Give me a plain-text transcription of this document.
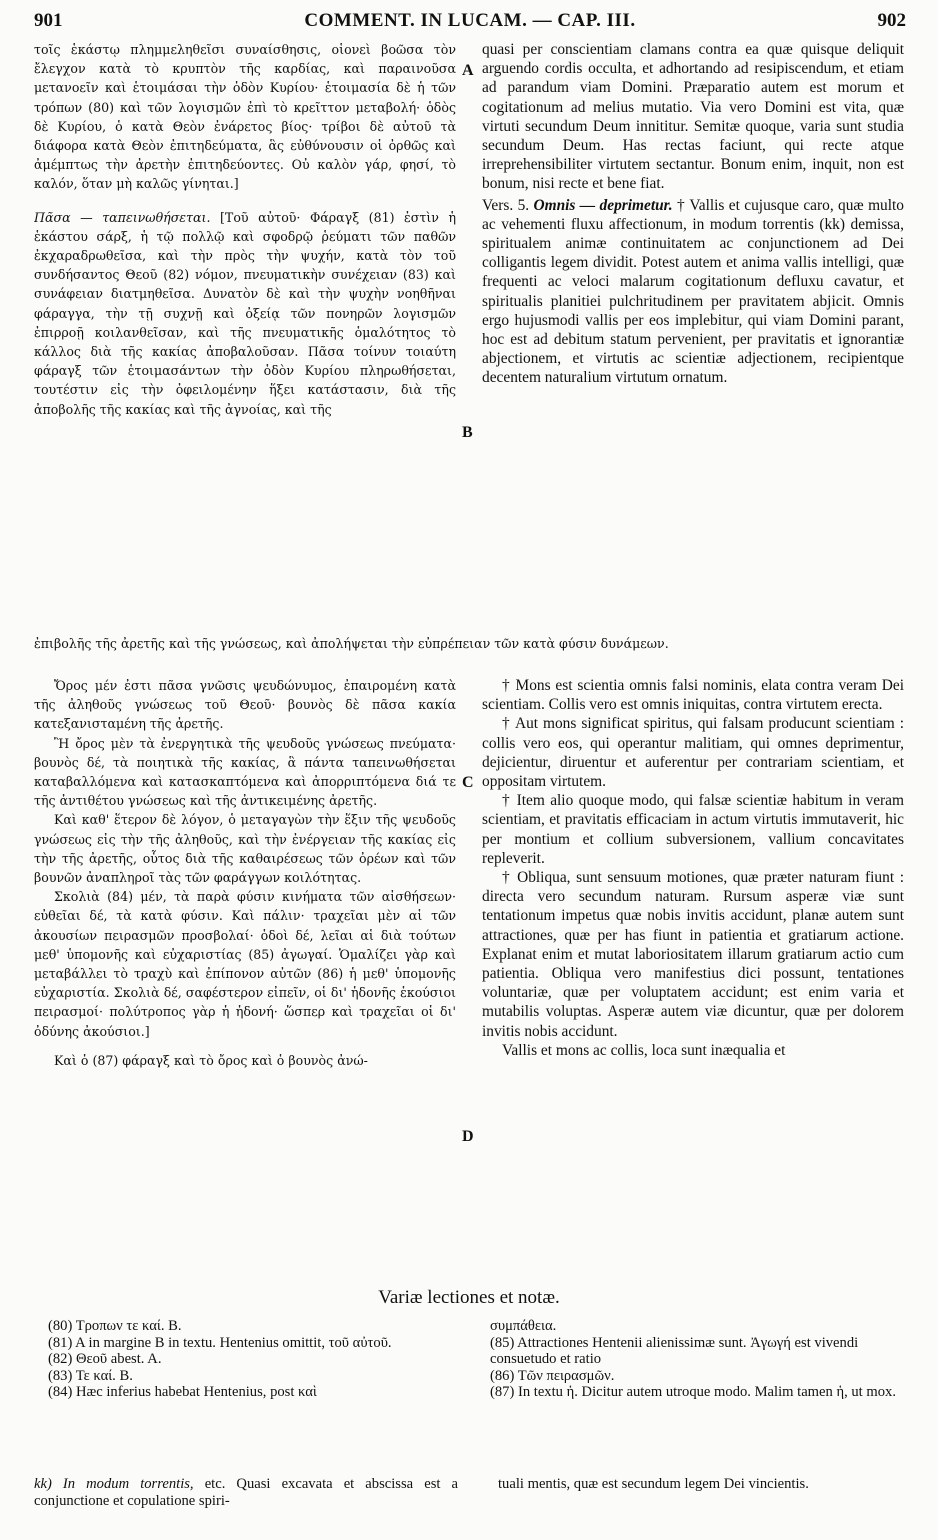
901	COMMENT. IN LUCAM. — CAP. III.	902

τοῖς ἑκάστῳ πλημμεληθεῖσι συναίσθησις, οἱονεὶ βοῶσα τὸν ἔλεγχον κατὰ τὸ κρυπτὸν τῆς καρδίας, καὶ παραινοῦσα μετανοεῖν καὶ ἑτοιμάσαι τὴν ὁδὸν Κυρίου· ἑτοιμασία δὲ ἡ τῶν τρόπων (80) καὶ τῶν λογισμῶν ἐπὶ τὸ κρεῖττον μεταβολή· ὁδὸς δὲ Κυρίου, ὁ κατὰ Θεὸν ἐνάρετος βίος· τρίβοι δὲ αὐτοῦ τὰ διάφορα κατὰ Θεὸν ἐπιτηδεύματα, ἃς εὐθύνουσιν οἱ ὀρθῶς καὶ ἀμέμπτως τὴν ἀρετὴν ἐπιτηδεύοντες. Οὐ καλὸν γάρ, φησί, τὸ καλόν, ὅταν μὴ καλῶς γίνηται.]

Πᾶσα — ταπεινωθήσεται. [Τοῦ αὐτοῦ· Φάραγξ (81) ἐστὶν ἡ ἑκάστου σάρξ, ἡ τῷ πολλῷ καὶ σφοδρῷ ῥεύματι τῶν παθῶν ἐκχαραδρωθεῖσα, καὶ τὴν πρὸς τὴν ψυχήν, κατὰ τὸν τοῦ συνδήσαντος Θεοῦ (82) νόμον, πνευματικὴν συνέχειαν (83) καὶ συνάφειαν διατμηθεῖσα. Δυνατὸν δὲ καὶ τὴν ψυχὴν νοηθῆναι φάραγγα, τὴν τῇ συχνῇ καὶ ὀξείᾳ τῶν πονηρῶν λογισμῶν ἐπιρροῇ κοιλανθεῖσαν, καὶ τῆς πνευματικῆς ὁμαλότητος τὸ κάλλος διὰ τῆς κακίας ἀποβαλοῦσαν. Πᾶσα τοίνυν τοιαύτη φάραγξ τῶν ἑτοιμασάντων τὴν ὁδὸν Κυρίου πληρωθήσεται, τουτέστιν εἰς τὴν ὀφειλομένην ἥξει κατάστασιν, διὰ τῆς ἀποβολῆς τῆς κακίας καὶ τῆς ἀγνοίας, καὶ τῆς

quasi per conscientiam clamans contra ea quæ quisque deliquit arguendo cordis occulta, et adhortando ad resipiscendum, et etiam ad parandum viam Domini. Præparatio autem est morum et cogitationum ad melius mutatio. Via vero Domini est vita, quæ virtuti secundum Deum innititur. Semitæ quoque, varia sunt studia secundum Deum. Has rectas faciunt, qui recte atque irreprehensibiliter virtutem sectantur. Bonum enim, inquit, non est bonum, nisi recte et bene fiat.

Vers. 5. Omnis — deprimetur. † Vallis et cujusque caro, quæ multo ac vehementi fluxu affectionum, in modum torrentis (kk) demissa, spiritualem animæ continuitatem ac conjunctionem ad Dei colligantis legem dividit. Potest autem et anima vallis intelligi, quæ frequenti ac veloci malarum cogitationum defluxu cavatur, et spiritualis planitiei pulchritudinem per pravitatem abjicit. Omnis ergo hujusmodi vallis per eos implebitur, qui viam Domini parant, hoc est ad debitum statum pervenient, per pravitatis et ignorantiæ abjectionem, et virtutis ac scientiæ adjectionem, recipientque decentem naturalium virtutum ornatum.

ἐπιβολῆς τῆς ἀρετῆς καὶ τῆς γνώσεως, καὶ ἀπολήψεται τὴν εὐπρέπειαν τῶν κατὰ φύσιν δυνάμεων.

Ὄρος μέν ἐστι πᾶσα γνῶσις ψευδώνυμος, ἐπαιρομένη κατὰ τῆς ἀληθοῦς γνώσεως τοῦ Θεοῦ· βουνὸς δὲ πᾶσα κακία κατεξανισταμένη τῆς ἀρετῆς.

Ἢ ὄρος μὲν τὰ ἐνεργητικὰ τῆς ψευδοῦς γνώσεως πνεύματα· βουνὸς δέ, τὰ ποιητικὰ τῆς κακίας, ἃ πάντα ταπεινωθήσεται καταβαλλόμενα καὶ κατασκαπτόμενα καὶ ἀπορριπτόμενα διά τε τῆς ἀντιθέτου γνώσεως καὶ τῆς ἀντικειμένης ἀρετῆς.

Καὶ καθ' ἕτερον δὲ λόγον, ὁ μεταγαγὼν τὴν ἕξιν τῆς ψευδοῦς γνώσεως εἰς τὴν τῆς ἀληθοῦς, καὶ τὴν ἐνέργειαν τῆς κακίας εἰς τὴν τῆς ἀρετῆς, οὗτος διὰ τῆς καθαιρέσεως τῶν ὀρέων καὶ τῶν βουνῶν ἀναπληροῖ τὰς τῶν φαράγγων κοιλότητας.

Σκολιὰ (84) μέν, τὰ παρὰ φύσιν κινήματα τῶν αἰσθήσεων· εὐθεῖαι δέ, τὰ κατὰ φύσιν. Καὶ πάλιν· τραχεῖαι μὲν αἱ τῶν ἀκουσίων πειρασμῶν προσβολαί· ὁδοὶ δέ, λεῖαι αἱ διὰ τούτων μεθ' ὑπομονῆς καὶ εὐχαριστίας (85) ἀγωγαί. Ὁμαλίζει γὰρ καὶ μεταβάλλει τὸ τραχὺ καὶ ἐπίπονον αὐτῶν (86) ἡ μεθ' ὑπομονῆς εὐχαριστία. Σκολιὰ δέ, σαφέστερον εἰπεῖν, οἱ δι' ἡδονῆς ἑκούσιοι πειρασμοί· πολύτροπος γὰρ ἡ ἡδονή· ὥσπερ καὶ τραχεῖαι οἱ δι' ὀδύνης ἀκούσιοι.]

Καὶ ὁ (87) φάραγξ καὶ τὸ ὄρος καὶ ὁ βουνὸς ἀνώ-

† Mons est scientia omnis falsi nominis, elata contra veram Dei scientiam. Collis vero est omnis iniquitas, contra virtutem erecta.

† Aut mons significat spiritus, qui falsam producunt scientiam : collis vero eos, qui operantur malitiam, qui omnes deprimentur, dejicientur, diruentur et auferentur per contrariam scientiam, et oppositam virtutem.

† Item alio quoque modo, qui falsæ scientiæ habitum in veram scientiam, et pravitatis efficaciam in actum virtutis immutaverit, hic per montium et collium subversionem, vallium concavitates repleverit.

† Obliqua, sunt sensuum motiones, quæ præter naturam fiunt : directa vero secundum naturam. Rursum asperæ viæ sunt tentationum impetus quæ nobis invitis accidunt, planæ autem sunt attractiones, quæ per has fiunt in patientia et gratiarum actione. Explanat enim et mutat laboriositatem illarum gratiarum actio cum patientia. Obliqua vero manifestius dici possunt, tentationes voluntariæ, quæ per voluptatem accidunt; est enim varia et mutabilis voluptas. Asperæ autem viæ dicuntur, quæ per dolorem invitis nobis accidunt.

Vallis et mons ac collis, loca sunt inæqualia et

A
B
C
D
Variæ lectiones et notæ.

(80) Τροπων τε καί. B.

(81) A in margine B in textu. Hentenius omittit, τοῦ αὐτοῦ.

(82) Θεοῦ abest. A.

(83) Τε καί. B.

(84) Hæc inferius habebat Hentenius, post καὶ

συμπάθεια.

(85) Attractiones Hentenii alienissimæ sunt. Ἀγωγή est vivendi consuetudo et ratio

(86) Τῶν πειρασμῶν.

(87) In textu ἡ. Dicitur autem utroque modo. Malim tamen ἡ, ut mox.

kk) In modum torrentis, etc. Quasi excavata et abscissa est a conjunctione et copulatione spiri-
tuali mentis, quæ est secundum legem Dei vincientis.
